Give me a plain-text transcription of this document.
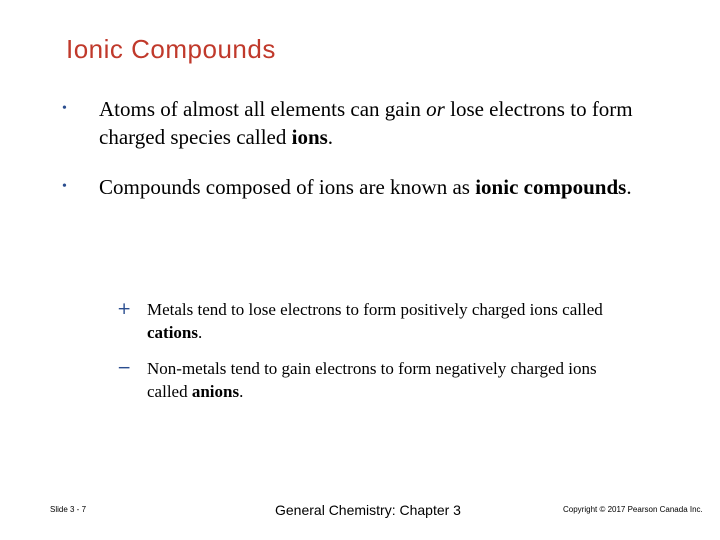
Ionic Compounds
• Atoms of almost all elements can gain or lose electrons to form charged species called ions.
• Compounds composed of ions are known as ionic compounds.
+ Metals tend to lose electrons to form positively charged ions called cations.
− Non-metals tend to gain electrons to form negatively charged ions called anions.
Slide 3 - 7	General Chemistry: Chapter 3	Copyright © 2017 Pearson Canada Inc.
